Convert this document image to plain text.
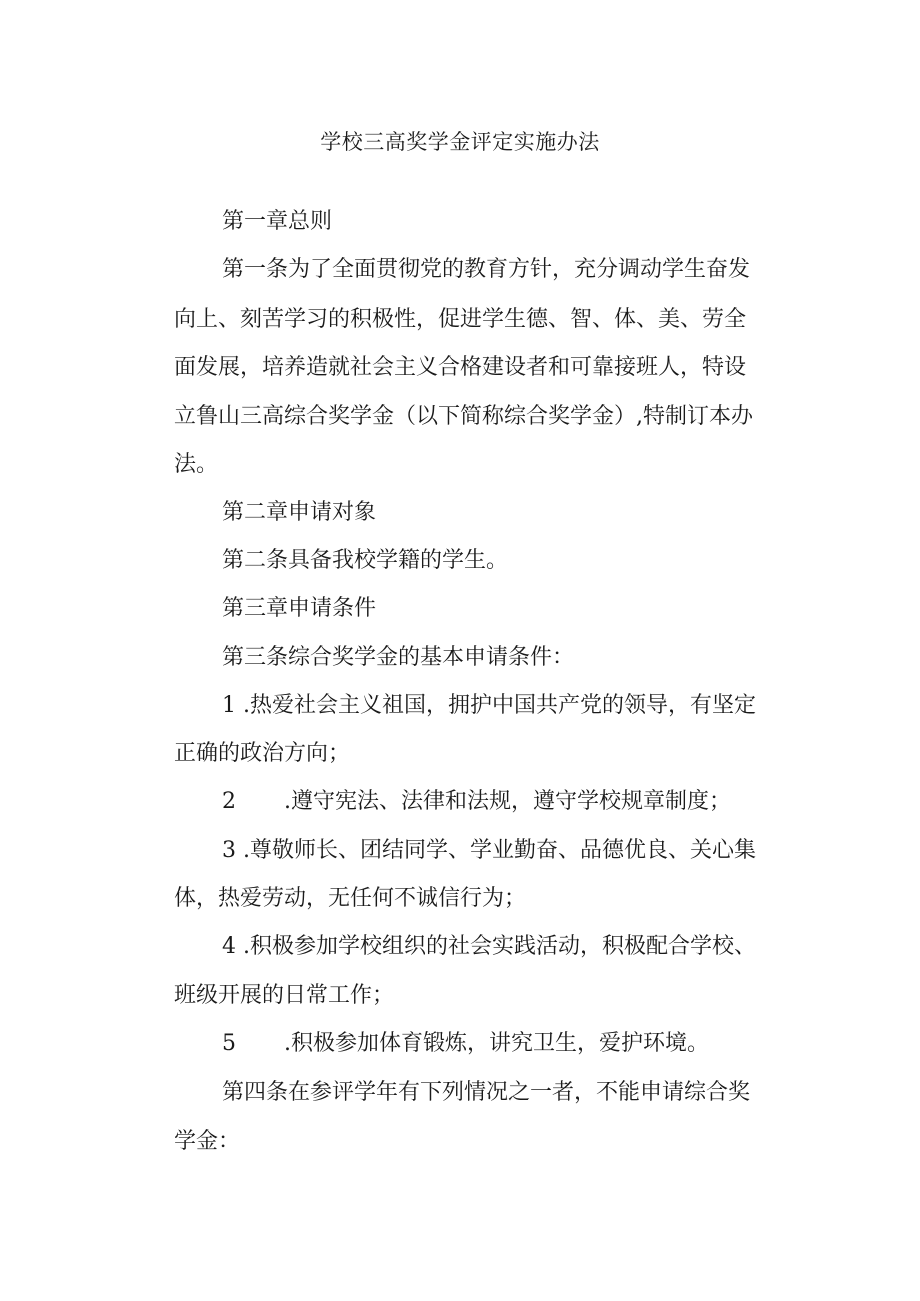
学校三高奖学金评定实施办法
第一章总则
第一条为了全面贯彻党的教育方针，充分调动学生奋发
向上、刻苦学习的积极性，促进学生德、智、体、美、劳全
面发展，培养造就社会主义合格建设者和可靠接班人，特设
立鲁山三高综合奖学金（以下简称综合奖学金）,特制订本办
法。
第二章申请对象
第二条具备我校学籍的学生。
第三章申请条件
第三条综合奖学金的基本申请条件：
1 .热爱社会主义祖国，拥护中国共产党的领导，有坚定
正确的政治方向；
2 .遵守宪法、法律和法规，遵守学校规章制度；
3 .尊敬师长、团结同学、学业勤奋、品德优良、关心集
体，热爱劳动，无任何不诚信行为；
4 .积极参加学校组织的社会实践活动，积极配合学校、
班级开展的日常工作；
5 .积极参加体育锻炼，讲究卫生，爱护环境。
第四条在参评学年有下列情况之一者，不能申请综合奖
学金：
